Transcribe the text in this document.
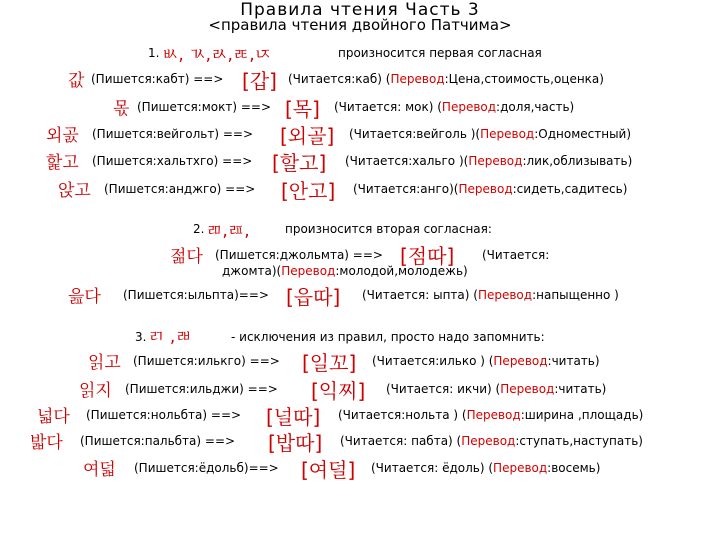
Правила чтения Часть 3
<правила чтения двойного Патчима>
1. ㅄ, ㄳ,ㄽ,ㄾ,ㄵ	произносится первая согласная
값 (Пишется:кабт) ==> [갑] (Читается:каб) (Перевод:Цена,стоимость,оценка)
몫 (Пишется:мокт) ==> [목] (Читается: мок) (Перевод:доля,часть)
외곬 (Пишется:вейгольт) ==> [외골] (Читается:вейголь )(Перевод:Одноместный)
핥고 (Пишется:хальтхго) ==> [할고] (Читается:хальго )(Перевод:лик,облизывать)
앉고 (Пишется:анджго) ==> [안고] (Читается:анго)(Перевод:сидеть,садитесь)
2. ㄻ,ㄿ,	произносится вторая согласная:
젊다 (Пишется:джольмта) ==> [점따] (Читается:
джомта)(Перевод:молодой,молодежь)
읊다 (Пишется:ыльпта)==> [읍따] (Читается: ыпта) (Перевод:напыщенно )
3. ㄺ ,ㄼ	- исключения из правил, просто надо запомнить:
읽고 (Пишется:илькго) ==> [일꼬] (Читается:илько ) (Перевод:читать)
읽지 (Пишется:ильджи) ==> [익찌] (Читается: икчи) (Перевод:читать)
넓다 (Пишется:нольбта) ==> [널따] (Читается:нольта ) (Перевод:ширина ,площадь)
밟다 (Пишется:пальбта) ==> [밥따] (Читается: пабта) (Перевод:ступать,наступать)
여덟 (Пишется:ёдольб)==> [여덜] (Читается: ёдоль) (Перевод:восемь)
